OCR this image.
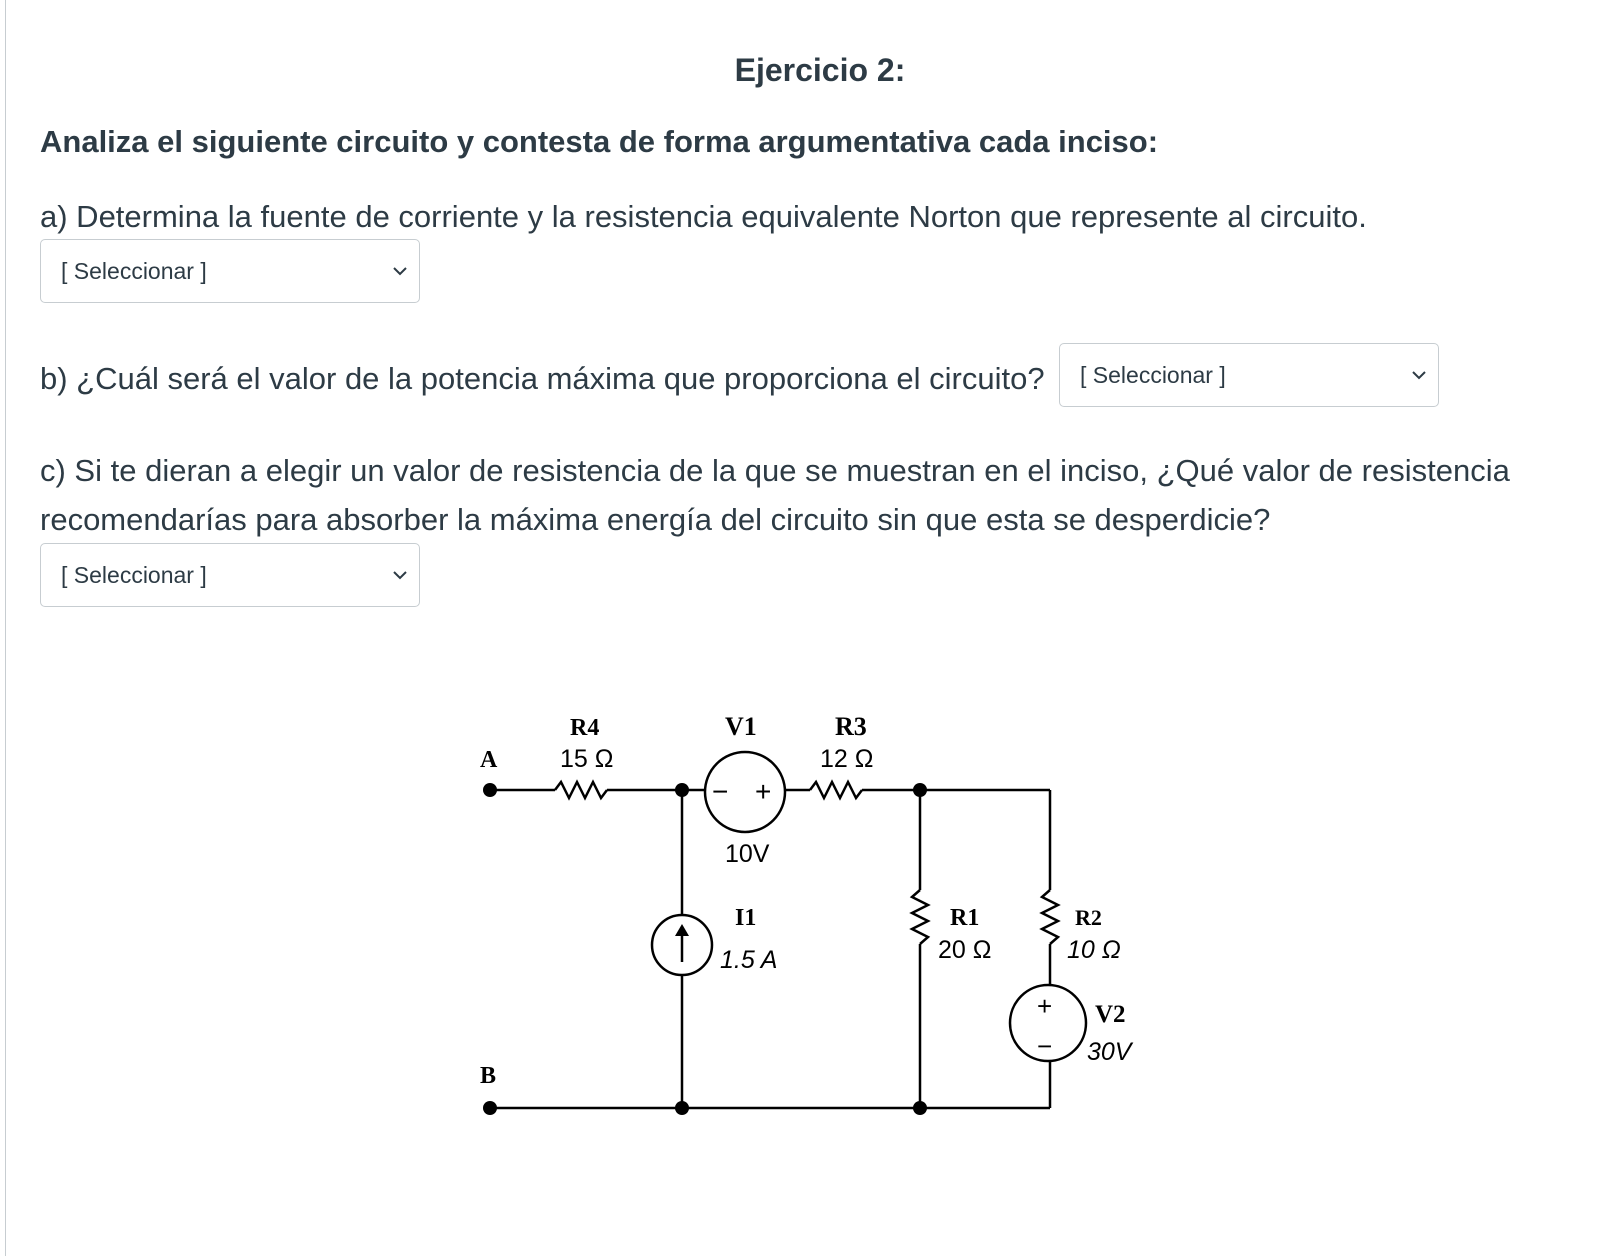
Ejercicio 2:
Analiza el siguiente circuito y contesta de forma argumentativa cada inciso:
a) Determina la fuente de corriente y la resistencia equivalente Norton que represente al circuito.
[ Seleccionar ]
b) ¿Cuál será el valor de la potencia máxima que proporciona el circuito? [ Seleccionar ]
c) Si te dieran a elegir un valor de resistencia de la que se muestran en el inciso, ¿Qué valor de resistencia
recomendarías para absorber la máxima energía del circuito sin que esta se desperdicie?
[ Seleccionar ]
A
B
R4
15 Ω
V1
− +
10V
R3
12 Ω
I1
1.5 A
R1
20 Ω
R2
10 Ω
+
−
V2
30V
